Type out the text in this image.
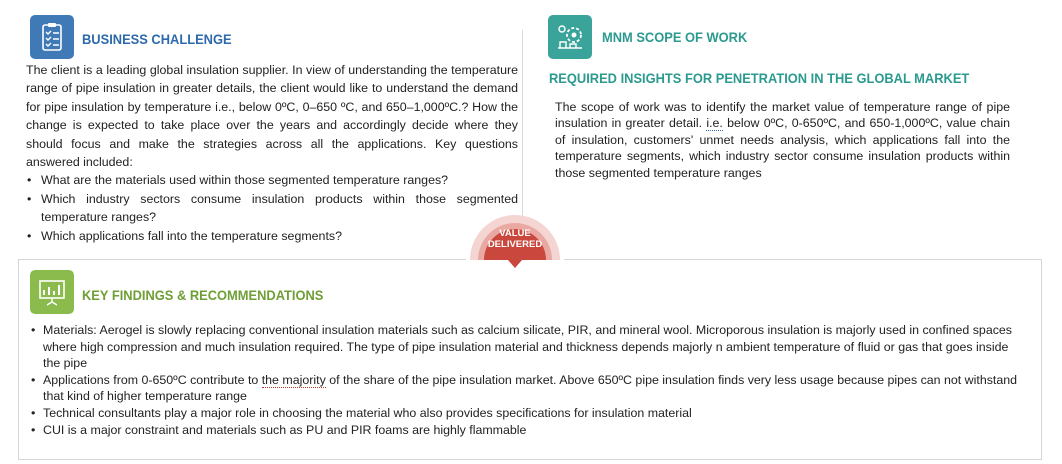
BUSINESS CHALLENGE

The client is a leading global insulation supplier. In view of understanding the temperature range of pipe insulation in greater details, the client would like to understand the demand for pipe insulation by temperature i.e., below 0ºC, 0–650 ºC, and 650–1,000ºC.? How the change is expected to take place over the years and accordingly decide where they should focus and make the strategies across all the applications. Key questions answered included:

• What are the materials used within those segmented temperature ranges?
• Which industry sectors consume insulation products within those segmented temperature ranges?
• Which applications fall into the temperature segments?
MNM SCOPE OF WORK
REQUIRED INSIGHTS FOR PENETRATION IN THE GLOBAL MARKET
The scope of work was to identify the market value of temperature range of pipe insulation in greater detail. i.e. below 0ºC, 0-650ºC, and 650-1,000ºC, value chain of insulation, customers' unmet needs analysis, which applications fall into the temperature segments, which industry sector consume insulation products within those segmented temperature ranges
VALUE
DELIVERED
KEY FINDINGS & RECOMMENDATIONS
• Materials: Aerogel is slowly replacing conventional insulation materials such as calcium silicate, PIR, and mineral wool. Microporous insulation is majorly used in confined spaces where high compression and much insulation required. The type of pipe insulation material and thickness depends majorly n ambient temperature of fluid or gas that goes inside the pipe
• Applications from 0-650ºC contribute to the majority of the share of the pipe insulation market. Above 650ºC pipe insulation finds very less usage because pipes can not withstand that kind of higher temperature range
• Technical consultants play a major role in choosing the material who also provides specifications for insulation material
• CUI is a major constraint and materials such as PU and PIR foams are highly flammable
